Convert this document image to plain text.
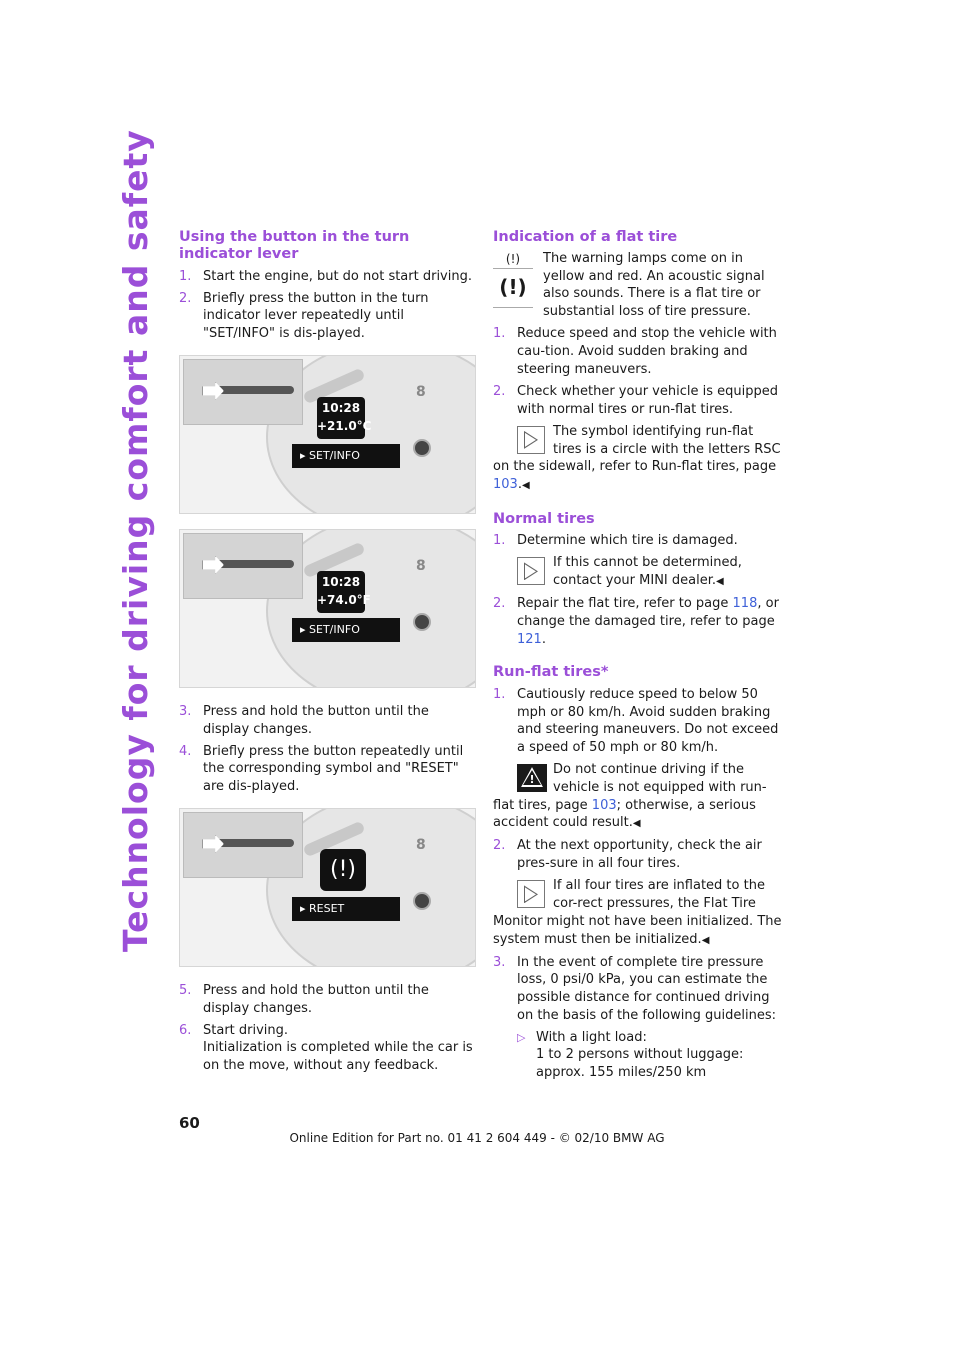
Technology for driving comfort and safety Using the button in the turn indicator lever
1. Start the engine, but do not start driving.
2. Briefly press the button in the turn indicator lever repeatedly until "SET/INFO" is dis-played.
8
10:28
+21.0°C
▸ SET/INFO
8
10:28
+74.0°F
▸ SET/INFO
3. Press and hold the button until the display changes.
4. Briefly press the button repeatedly until the corresponding symbol and "RESET" are dis-played.
8
(!)
▸ RESET
5. Press and hold the button until the display changes.
6. Start driving.
Initialization is completed while the car is on the move, without any feedback.
Indication of a flat tire
(!)
(!)
The warning lamps come on in yellow and red. An acoustic signal also sounds. There is a flat tire or substantial loss of tire pressure.
1. Reduce speed and stop the vehicle with cau-tion. Avoid sudden braking and steering maneuvers.
2. Check whether your vehicle is equipped with normal tires or run-flat tires.
The symbol identifying run-flat tires is a circle with the letters RSC on the sidewall, refer to Run-flat tires, page 103.◀
Normal tires
1. Determine which tire is damaged.
If this cannot be determined, contact your MINI dealer.◀
2. Repair the flat tire, refer to page 118, or change the damaged tire, refer to page 121.
Run-flat tires*
1. Cautiously reduce speed to below 50 mph or 80 km/h. Avoid sudden braking and steering maneuvers. Do not exceed a speed of 50 mph or 80 km/h.
!
Do not continue driving if the vehicle is not equipped with run-flat tires, page 103; otherwise, a serious accident could result.◀
2. At the next opportunity, check the air pres-sure in all four tires.
If all four tires are inflated to the cor-rect pressures, the Flat Tire Monitor might not have been initialized. The system must then be initialized.◀
3. In the event of complete tire pressure loss, 0 psi/0 kPa, you can estimate the possible distance for continued driving on the basis of the following guidelines:
▷ With a light load:
1 to 2 persons without luggage:
approx. 155 miles/250 km
60
Online Edition for Part no. 01 41 2 604 449 - © 02/10 BMW AG
